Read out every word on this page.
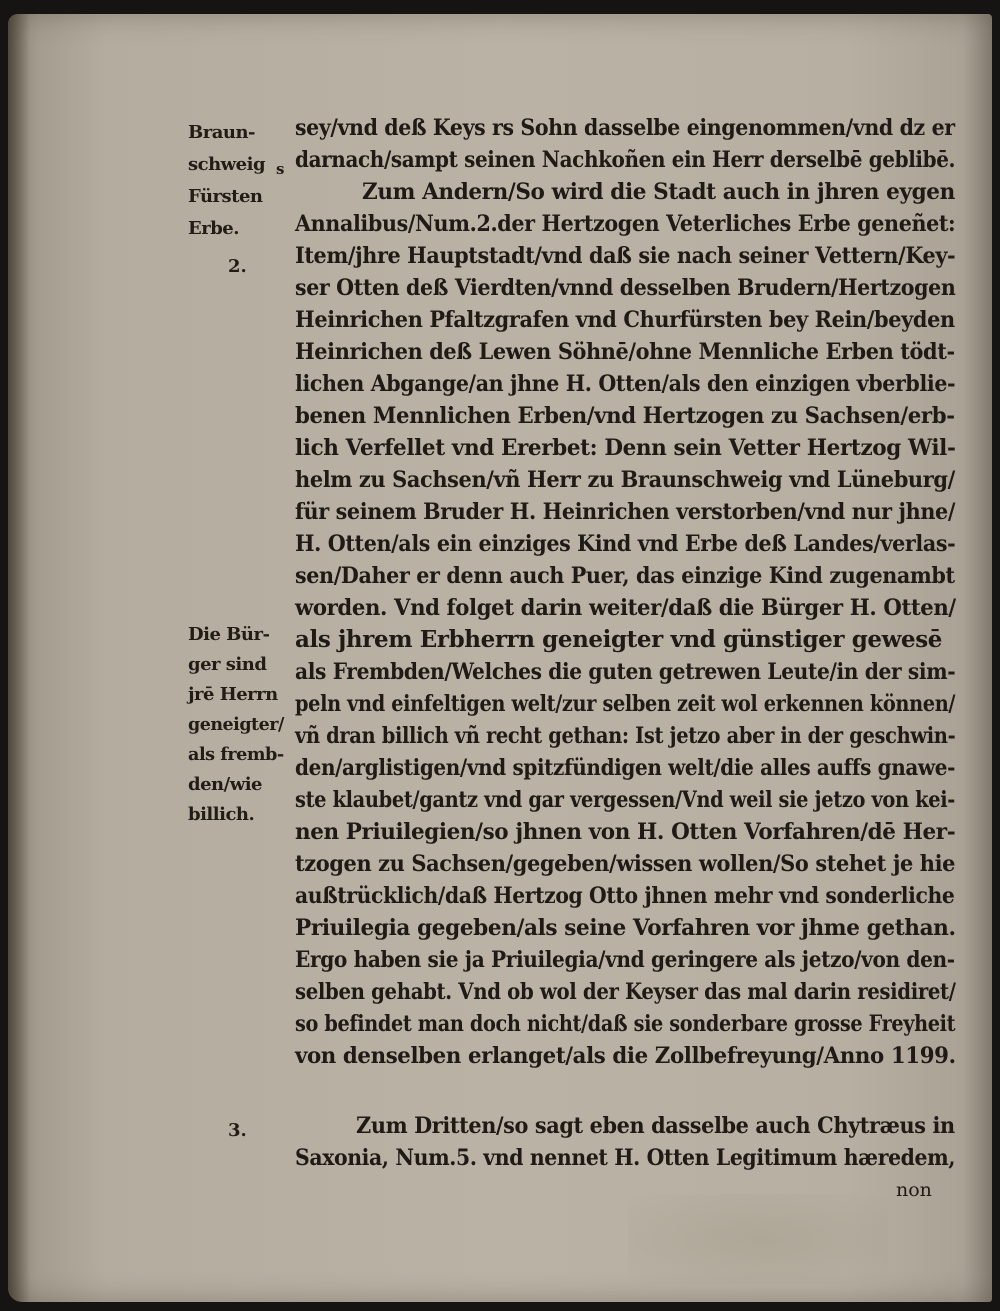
Braun-
schweig s
Fürsten
Erbe.
2.
Die Bür-
ger sind
jrē Herrn
geneigter/
als fremb-
den/wie
billich.
3.
sey/vnd deß Keys rs Sohn dasselbe eingenommen/vnd dz er
darnach/sampt seinen Nachkoñen ein Herr derselbē geblibē.
Zum Andern/So wird die Stadt auch in jhren eygen
Annalibus/Num.2.der Hertzogen Veterliches Erbe geneñet:
Item/jhre Hauptstadt/vnd daß sie nach seiner Vettern/Key-
ser Otten deß Vierdten/vnnd desselben Brudern/Hertzogen
Heinrichen Pfaltzgrafen vnd Churfürsten bey Rein/beyden
Heinrichen deß Lewen Söhnē/ohne Mennliche Erben tödt-
lichen Abgange/an jhne H. Otten/als den einzigen vberblie-
benen Mennlichen Erben/vnd Hertzogen zu Sachsen/erb-
lich Verfellet vnd Ererbet: Denn sein Vetter Hertzog Wil-
helm zu Sachsen/vñ Herr zu Braunschweig vnd Lüneburg/
für seinem Bruder H. Heinrichen verstorben/vnd nur jhne/
H. Otten/als ein einziges Kind vnd Erbe deß Landes/verlas-
sen/Daher er denn auch Puer, das einzige Kind zugenambt
worden. Vnd folget darin weiter/daß die Bürger H. Otten/
als jhrem Erbherrn geneigter vnd günstiger gewesē
als Frembden/Welches die guten getrewen Leute/in der sim-
peln vnd einfeltigen welt/zur selben zeit wol erkennen können/
vñ dran billich vñ recht gethan: Ist jetzo aber in der geschwin-
den/arglistigen/vnd spitzfündigen welt/die alles auffs gnawe-
ste klaubet/gantz vnd gar vergessen/Vnd weil sie jetzo von kei-
nen Priuilegien/so jhnen von H. Otten Vorfahren/dē Her-
tzogen zu Sachsen/gegeben/wissen wollen/So stehet je hie
außtrücklich/daß Hertzog Otto jhnen mehr vnd sonderliche
Priuilegia gegeben/als seine Vorfahren vor jhme gethan.
Ergo haben sie ja Priuilegia/vnd geringere als jetzo/von den-
selben gehabt. Vnd ob wol der Keyser das mal darin residiret/
so befindet man doch nicht/daß sie sonderbare grosse Freyheit
von denselben erlanget/als die Zollbefreyung/Anno 1199.
Zum Dritten/so sagt eben dasselbe auch Chytræus in
Saxonia, Num.5. vnd nennet H. Otten Legitimum hæredem,
non
